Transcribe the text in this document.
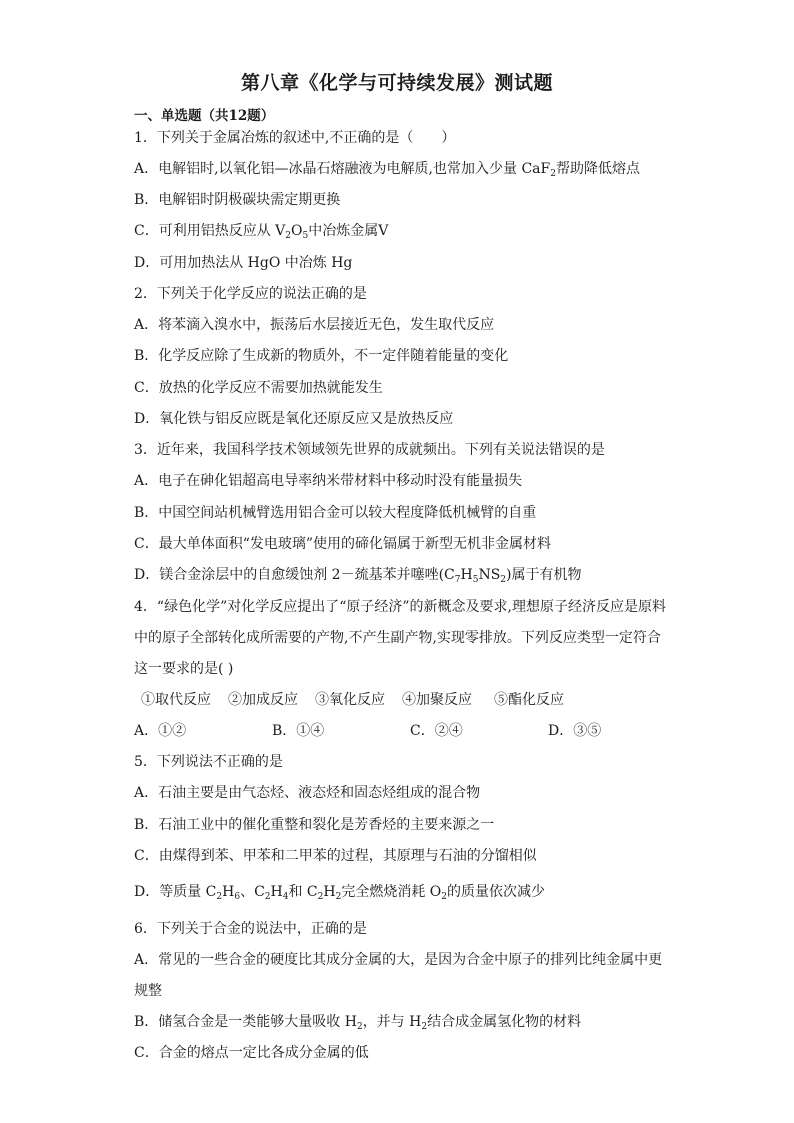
第八章《化学与可持续发展》测试题
一、单选题（共12题）
1．下列关于金属冶炼的叙述中,不正确的是（　　）
A．电解铝时,以氧化铝—冰晶石熔融液为电解质,也常加入少量 CaF$_2$帮助降低熔点
B．电解铝时阴极碳块需定期更换
C．可利用铝热反应从 $V_2O_5$中冶炼金属V
D．可用加热法从 HgO 中冶炼 Hg
2．下列关于化学反应的说法正确的是
A．将苯滴入溴水中，振荡后水层接近无色，发生取代反应
B．化学反应除了生成新的物质外，不一定伴随着能量的变化
C．放热的化学反应不需要加热就能发生
D．氧化铁与铝反应既是氧化还原反应又是放热反应
3．近年来，我国科学技术领域领先世界的成就频出。下列有关说法错误的是
A．电子在砷化铝超高电导率纳米带材料中移动时没有能量损失
B．中国空间站机械臂选用铝合金可以较大程度降低机械臂的自重
C．最大单体面积“发电玻璃”使用的碲化镉属于新型无机非金属材料
D．镁合金涂层中的自愈缓蚀剂 2－巯基苯并噻唑$(C_7H_5NS_2)$属于有机物
4．“绿色化学”对化学反应提出了“原子经济”的新概念及要求,理想原子经济反应是原料
中的原子全部转化成所需要的产物,不产生副产物,实现零排放。下列反应类型一定符合
这一要求的是( )
①取代反应 ②加成反应 ③氧化反应 ④加聚反应 ⑤酯化反应
A．①②	B．①④	C．②④	D．③⑤
5．下列说法不正确的是
A．石油主要是由气态烃、液态烃和固态烃组成的混合物
B．石油工业中的催化重整和裂化是芳香烃的主要来源之一
C．由煤得到苯、甲苯和二甲苯的过程，其原理与石油的分馏相似
D．等质量 $C_2H_6$、$C_2H_4$和 $C_2H_2$完全燃烧消耗 $O_2$的质量依次减少
6．下列关于合金的说法中，正确的是
A．常见的一些合金的硬度比其成分金属的大，是因为合金中原子的排列比纯金属中更
规整
B．储氢合金是一类能够大量吸收 $H_2$，并与 $H_2$结合成金属氢化物的材料
C．合金的熔点一定比各成分金属的低
